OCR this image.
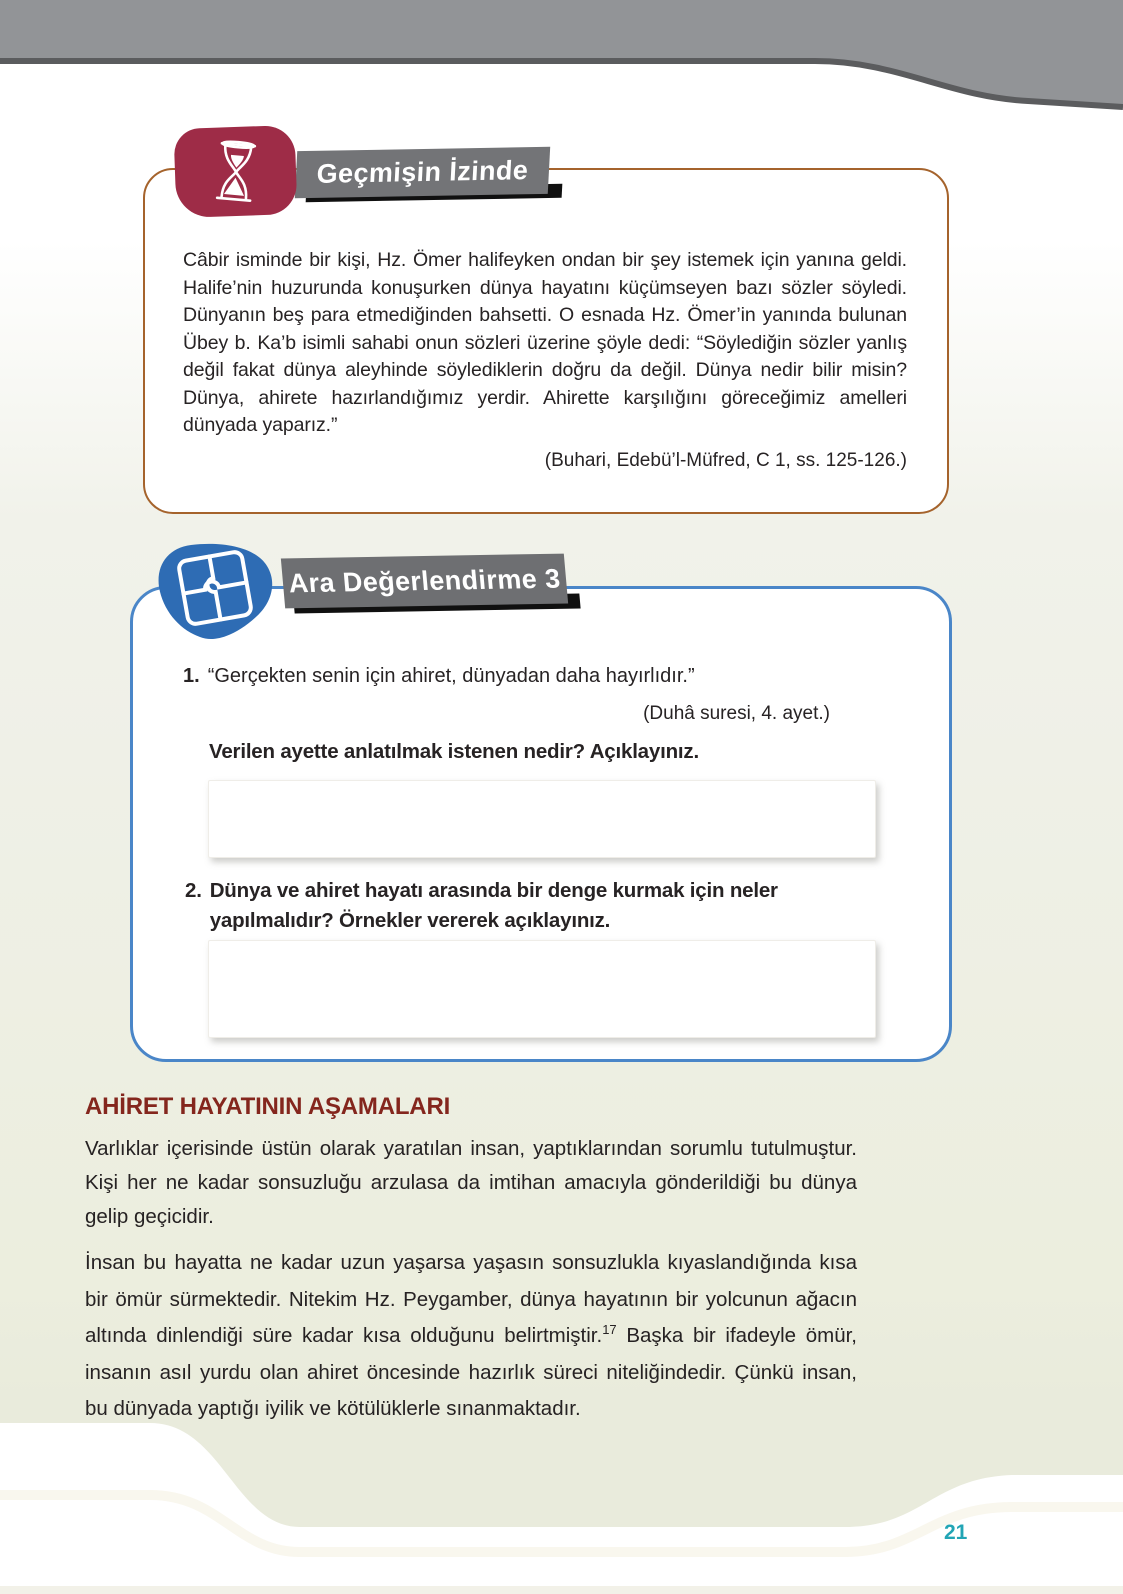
Geçmişin İzinde
Câbir isminde bir kişi, Hz. Ömer halifeyken ondan bir şey istemek için yanına geldi. Halife’nin huzurunda konuşurken dünya hayatını küçümseyen bazı sözler söyledi. Dünyanın beş para etmediğinden bahsetti. O esnada Hz. Ömer’in yanında bulunan Übey b. Ka’b isimli sahabi onun sözleri üzerine şöyle dedi: “Söylediğin sözler yanlış değil fakat dünya aleyhinde söylediklerin doğru da değil. Dünya nedir bilir misin? Dünya, ahirete hazırlandığımız yerdir. Ahirette karşılığını göreceğimiz amelleri dünyada yaparız.”
(Buhari, Edebü’l-Müfred, C 1, ss. 125-126.)
Ara Değerlendirme 3
1. “Gerçekten senin için ahiret, dünyadan daha hayırlıdır.”
(Duhâ suresi, 4. ayet.)
Verilen ayette anlatılmak istenen nedir? Açıklayınız.
2. Dünya ve ahiret hayatı arasında bir denge kurmak için neler yapılmalıdır? Örnekler vererek açıklayınız.
AHİRET HAYATININ AŞAMALARI
Varlıklar içerisinde üstün olarak yaratılan insan, yaptıklarından sorumlu tutulmuştur. Kişi her ne kadar sonsuzluğu arzulasa da imtihan amacıyla gönderildiği bu dünya gelip geçicidir.
İnsan bu hayatta ne kadar uzun yaşarsa yaşasın sonsuzlukla kıyaslandığında kısa bir ömür sürmektedir. Nitekim Hz. Peygamber, dünya hayatının bir yolcunun ağacın altında dinlendiği süre kadar kısa olduğunu belirtmiştir.$^{17}$ Başka bir ifadeyle ömür, insanın asıl yurdu olan ahiret öncesinde hazırlık süreci niteliğindedir. Çünkü insan, bu dünyada yaptığı iyilik ve kötülüklerle sınanmaktadır.
21
